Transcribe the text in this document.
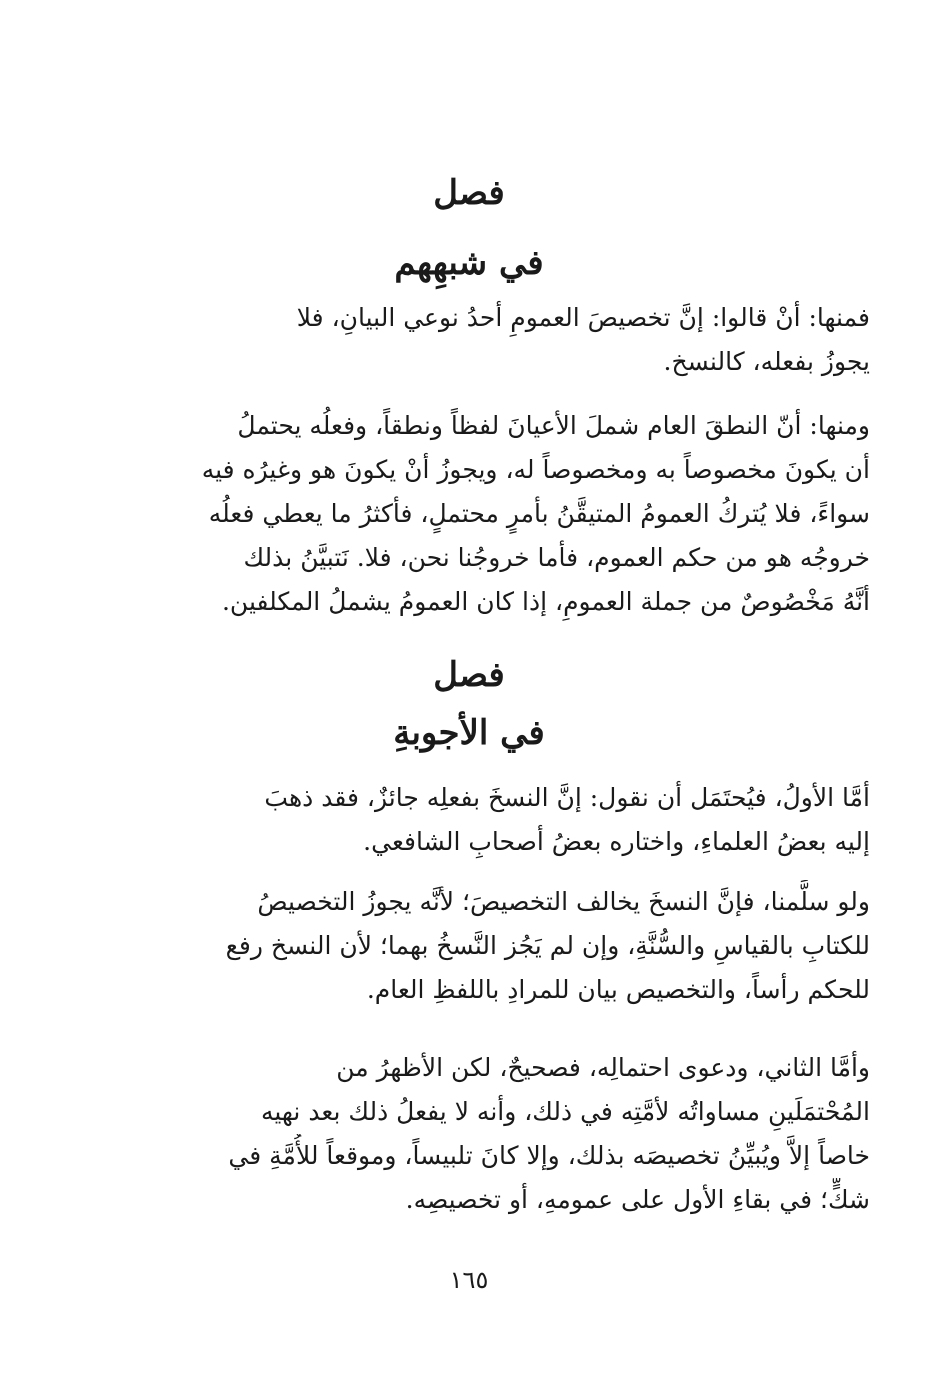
فصل
في شبهِهم
فمنها: أنْ قالوا: إنَّ تخصيصَ العمومِ أحدُ نوعي البيانِ، فلا
يجوزُ بفعله، كالنسخ.
ومنها: أنّ النطقَ العام شملَ الأعيانَ لفظاً ونطقاً، وفعلُه يحتملُ
أن يكونَ مخصوصاً به ومخصوصاً له، ويجوزُ أنْ يكونَ هو وغيرُه فيه
سواءً، فلا يُتركُ العمومُ المتيقَّنُ بأمرٍ محتملٍ، فأكثرُ ما يعطي فعلُه
خروجُه هو من حكم العموم، فأما خروجُنا نحن، فلا. نَتبيَّنُ بذلك
أنَّهُ مَخْصُوصٌ من جملة العمومِ، إذا كان العمومُ يشملُ المكلفين.
فصل
في الأجوبةِ
أمَّا الأولُ، فيُحتَمَل أن نقول: إنَّ النسخَ بفعلِه جائزٌ، فقد ذهبَ
إليه بعضُ العلماءِ، واختاره بعضُ أصحابِ الشافعي.
ولو سلَّمنا، فإنَّ النسخَ يخالف التخصيصَ؛ لأنَّه يجوزُ التخصيصُ
للكتابِ بالقياسِ والسُّنَّةِ، وإن لم يَجُز النَّسخُ بهما؛ لأن النسخ رفع
للحكم رأساً، والتخصيص بيان للمرادِ باللفظِ العام.
وأمَّا الثاني، ودعوى احتمالِه، فصحيحٌ، لكن الأظهرُ من
المُحْتمَلَينِ مساواتُه لأمَّتِه في ذلك، وأنه لا يفعلُ ذلك بعد نهيه
خاصاً إلاَّ ويُبيِّنُ تخصيصَه بذلك، وإلا كانَ تلبيساً، وموقعاً للأُمَّةِ في
شكٍّ؛ في بقاءِ الأول على عمومهِ، أو تخصيصِه.
١٦٥
